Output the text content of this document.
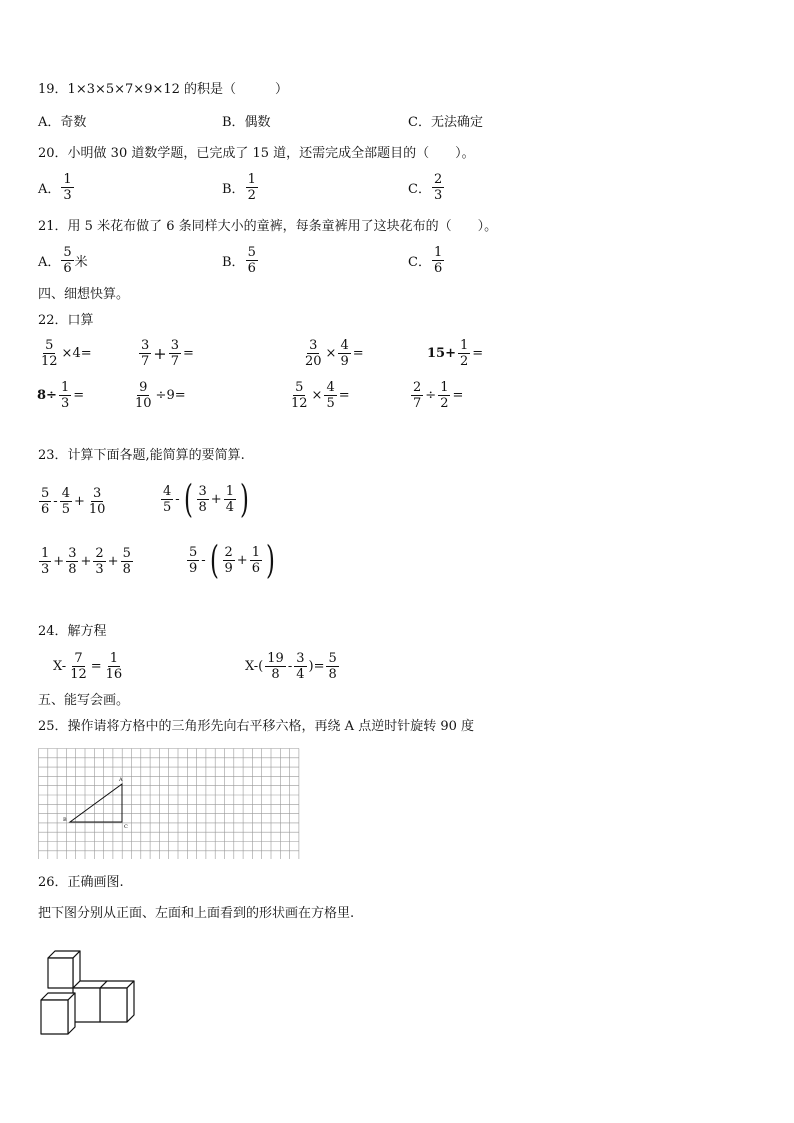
19．1×3×5×7×9×12 的积是（　　　）
A．奇数	B．偶数	C．无法确定
20．小明做 30 道数学题，已完成了 15 道，还需完成全部题目的（　　）。
A． $\frac{1}{3}$	B． $\frac{1}{2}$	C． $\frac{2}{3}$
21．用 5 米花布做了 6 条同样大小的童裤，每条童裤用了这块花布的（　　）。
A． $\frac{5}{6}$ 米	B． $\frac{5}{6}$	C． $\frac{1}{6}$
四、细想快算。
22．口算
$\frac{5}{12} \times 4=$	$\frac{3}{7} + \frac{3}{7}$ =	$\frac{3}{20} \times \frac{4}{9}$ =	$15+ \frac{1}{2}$ =
$8\div \frac{1}{3}$ =	$\frac{9}{10} \div 9=$	$\frac{5}{12} \times \frac{4}{5}$ =	$\frac{2}{7} \div \frac{1}{2}$ =
23．计算下面各题,能简算的要简算.
$\frac{5}{6} - \frac{4}{5} + \frac{3}{10}$	$\frac{4}{5}$ - ( $\frac{3}{8} + \frac{1}{4}$ )
$\frac{1}{3} + \frac{3}{8} + \frac{2}{3} + \frac{5}{8}$	$\frac{5}{9}$ - ( $\frac{2}{9} + \frac{1}{6}$ )
24．解方程
$X- \frac{7}{12} = \frac{1}{16}$	$X-( \frac{19}{8} - \frac{3}{4}$ )= $\frac{5}{8}$
五、能写会画。
25．操作请将方格中的三角形先向右平移六格，再绕 A 点逆时针旋转 90 度
A
B
C
26．正确画图.
把下图分别从正面、左面和上面看到的形状画在方格里.
